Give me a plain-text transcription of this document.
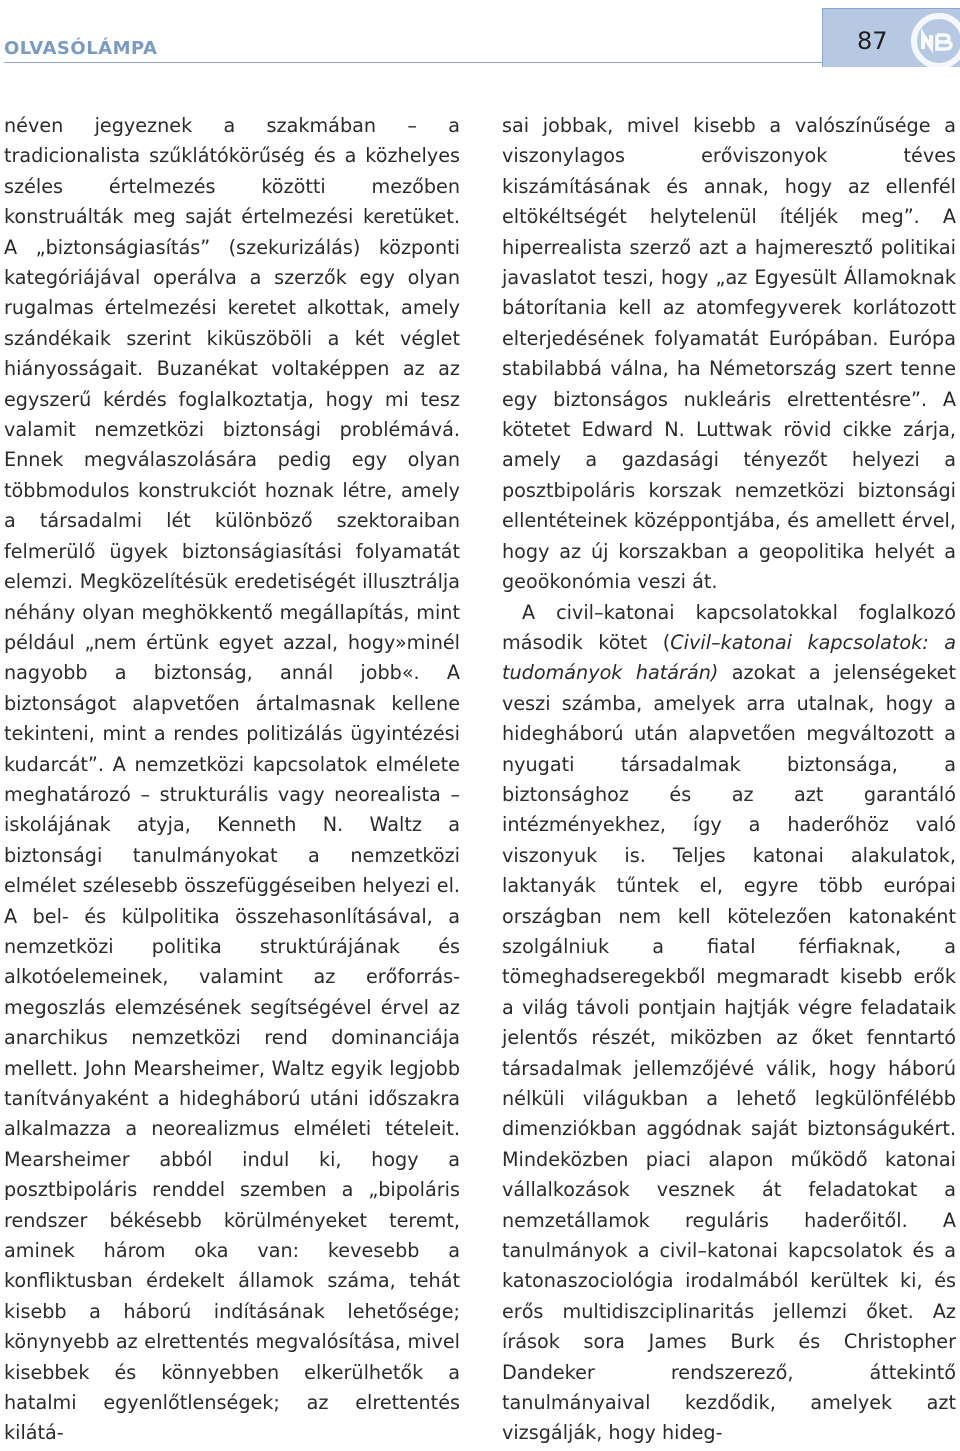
OLVASÓLÁMPA	87

néven jegyeznek a szakmában – a tradicionalista szűklátókörűség és a közhelyes széles értelmezés közötti mezőben konstruálták meg saját értelmezési keretüket. A „biztonságiasítás” (szekurizálás) központi kategóriájával operálva a szerzők egy olyan rugalmas értelmezési keretet alkottak, amely szándékaik szerint kiküszöböli a két véglet hiányosságait. Buzanékat voltaképpen az az egyszerű kérdés foglalkoztatja, hogy mi tesz valamit nemzetközi biztonsági problémává. Ennek megválaszolására pedig egy olyan többmodulos konstrukciót hoznak létre, amely a társadalmi lét különböző szektoraiban felmerülő ügyek biztonságiasítási folyamatát elemzi. Megközelítésük eredetiségét illusztrálja néhány olyan meghökkentő megállapítás, mint például „nem értünk egyet azzal, hogy»minél nagyobb a biztonság, annál jobb«. A biztonságot alapvetően ártalmasnak kellene tekinteni, mint a rendes politizálás ügyintézési kudarcát”. A nemzetközi kapcsolatok elmélete meghatározó – strukturális vagy neorealista – iskolájának atyja, Kenneth N. Waltz a biztonsági tanulmányokat a nemzetközi elmélet szélesebb összefüggéseiben helyezi el. A bel- és külpolitika összehasonlításával, a nemzetközi politika struktúrájának és alkotóelemeinek, valamint az erőforrás-megoszlás elemzésének segítségével érvel az anarchikus nemzetközi rend dominanciája mellett. John Mearsheimer, Waltz egyik legjobb tanítványaként a hidegháború utáni időszakra alkalmazza a neorealizmus elméleti tételeit. Mearsheimer abból indul ki, hogy a posztbipoláris renddel szemben a „bipoláris rendszer békésebb körülményeket teremt, aminek három oka van: kevesebb a konfliktusban érdekelt államok száma, tehát kisebb a háború indításának lehetősége; könynyebb az elrettentés megvalósítása, mivel kisebbek és könnyebben elkerülhetők a hatalmi egyenlőtlenségek; az elrettentés kilátá-

sai jobbak, mivel kisebb a valószínűsége a viszonylagos erőviszonyok téves kiszámításának és annak, hogy az ellenfél eltökéltségét helytelenül ítéljék meg”. A hiperrealista szerző azt a hajmeresztő politikai javaslatot teszi, hogy „az Egyesült Államoknak bátorítania kell az atomfegyverek korlátozott elterjedésének folyamatát Európában. Európa stabilabbá válna, ha Németország szert tenne egy biztonságos nukleáris elrettentésre”. A kötetet Edward N. Luttwak rövid cikke zárja, amely a gazdasági tényezőt helyezi a posztbipoláris korszak nemzetközi biztonsági ellentéteinek középpontjába, és amellett érvel, hogy az új korszakban a geopolitika helyét a geoökonómia veszi át.

A civil–katonai kapcsolatokkal foglalkozó második kötet (Civil–katonai kapcsolatok: a tudományok határán) azokat a jelenségeket veszi számba, amelyek arra utalnak, hogy a hidegháború után alapvetően megváltozott a nyugati társadalmak biztonsága, a biztonsághoz és az azt garantáló intézményekhez, így a haderőhöz való viszonyuk is. Teljes katonai alakulatok, laktanyák tűntek el, egyre több európai országban nem kell kötelezően katonaként szolgálniuk a fiatal férfiaknak, a tömeghadseregekből megmaradt kisebb erők a világ távoli pontjain hajtják végre feladataik jelentős részét, miközben az őket fenntartó társadalmak jellemzőjévé válik, hogy háború nélküli világukban a lehető legkülönfélébb dimenziókban aggódnak saját biztonságukért. Mindeközben piaci alapon működő katonai vállalkozások vesznek át feladatokat a nemzetállamok reguláris haderőitől. A tanulmányok a civil–katonai kapcsolatok és a katonaszociológia irodalmából kerültek ki, és erős multidiszciplinaritás jellemzi őket. Az írások sora James Burk és Christopher Dandeker rendszerező, áttekintő tanulmányaival kezdődik, amelyek azt vizsgálják, hogy hideg-
